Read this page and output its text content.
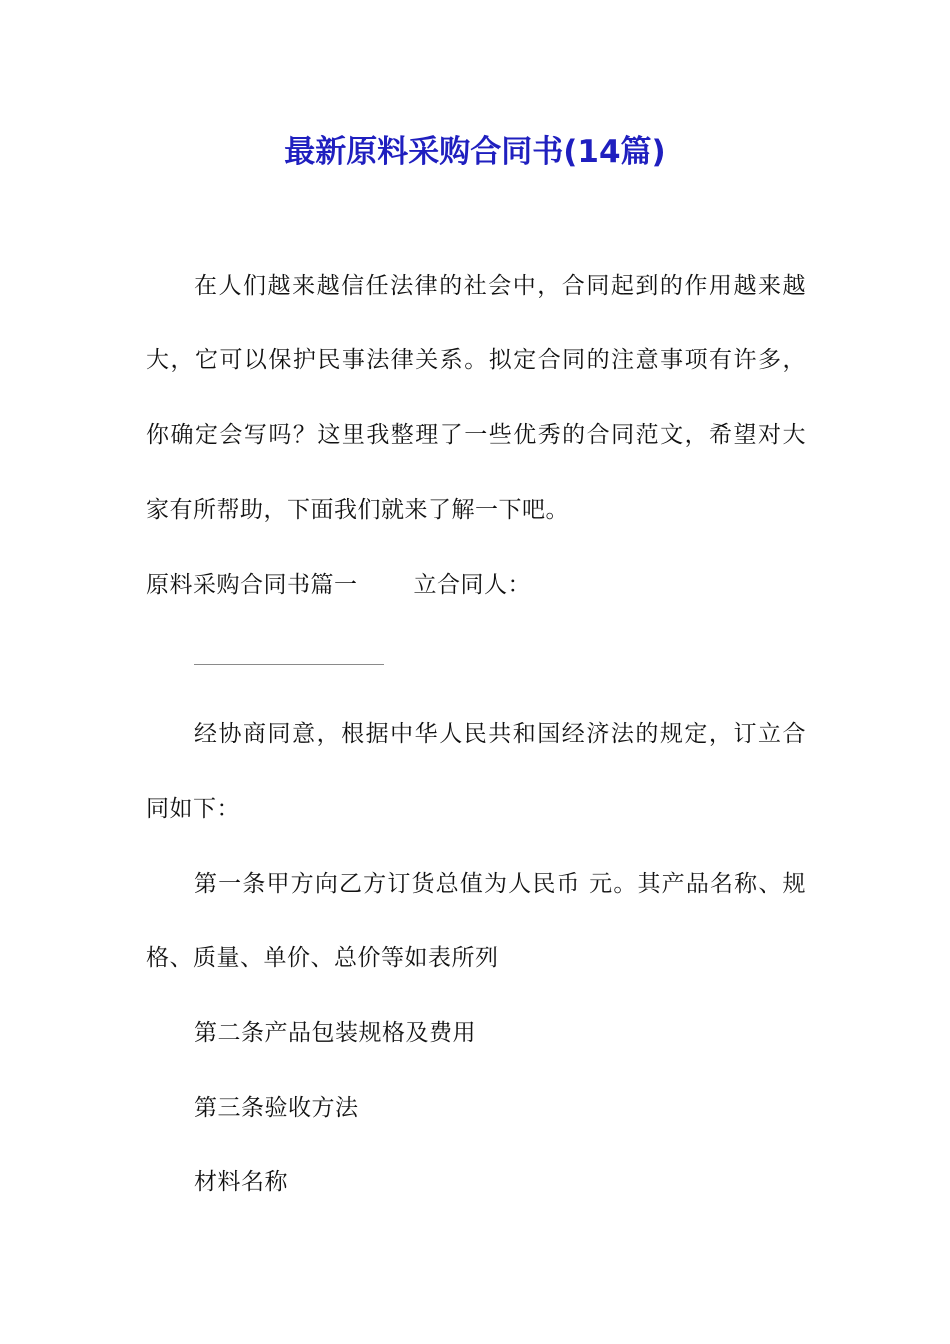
最新原料采购合同书(14篇)
在人们越来越信任法律的社会中，合同起到的作用越来越
大，它可以保护民事法律关系。拟定合同的注意事项有许多，
你确定会写吗？这里我整理了一些优秀的合同范文，希望对大
家有所帮助，下面我们就来了解一下吧。
原料采购合同书篇一 立合同人：
经协商同意，根据中华人民共和国经济法的规定，订立合
同如下：
第一条甲方向乙方订货总值为人民币 元。其产品名称、规
格、质量、单价、总价等如表所列
第二条产品包装规格及费用
第三条验收方法
材料名称
